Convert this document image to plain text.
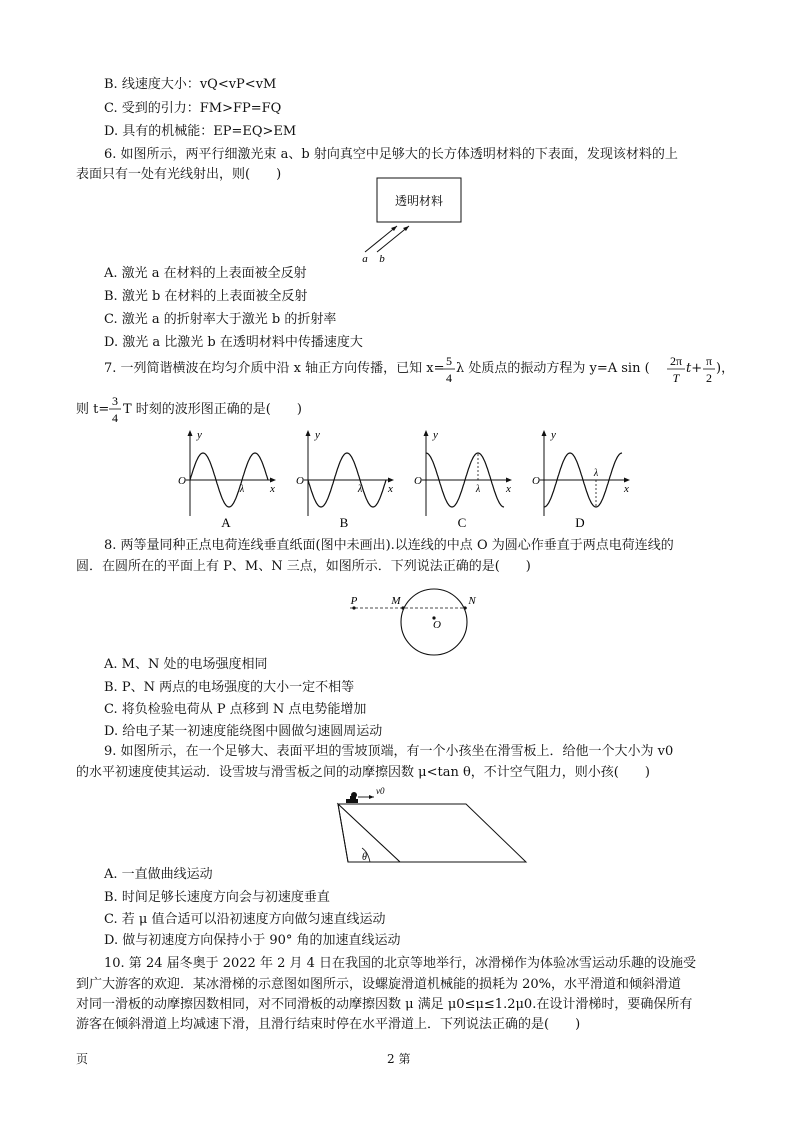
B. 线速度大小：vQ<vP<vM
C. 受到的引力：FM>FP=FQ
D. 具有的机械能：EP=EQ>EM
6. 如图所示，两平行细激光束 a、b 射向真空中足够大的长方体透明材料的下表面，发现该材料的上
表面只有一处有光线射出，则(　　)
透明材料
a b
A. 激光 a 在材料的上表面被全反射
B. 激光 b 在材料的上表面被全反射
C. 激光 a 的折射率大于激光 b 的折射率
D. 激光 a 比激光 b 在透明材料中传播速度大
7. 一列简谐横波在均匀介质中沿 x 轴正方向传播，已知 x= 5
4
λ 处质点的振动方程为 y=A sin ( 2π
T
t+ π
2
)，
则 t=
3
4
T 时刻的波形图正确的是(　　)
λ
O
y
x
A
λ
O
y
x
B
λ
O
y
x
C
λ
O
y
x
D
8. 两等量同种正点电荷连线垂直纸面(图中未画出).以连线的中点 O 为圆心作垂直于两点电荷连线的
圆．在圆所在的平面上有 P、M、N 三点，如图所示．下列说法正确的是(　　)
P	M	N
O
A. M、N 处的电场强度相同
B. P、N 两点的电场强度的大小一定不相等
C. 将负检验电荷从 P 点移到 N 点电势能增加
D. 给电子某一初速度能绕图中圆做匀速圆周运动
9. 如图所示，在一个足够大、表面平坦的雪坡顶端，有一个小孩坐在滑雪板上．给他一个大小为 v0
的水平初速度使其运动．设雪坡与滑雪板之间的动摩擦因数 μ<tan θ，不计空气阻力，则小孩(　　)
θ
v0
A. 一直做曲线运动
B. 时间足够长速度方向会与初速度垂直
C. 若 μ 值合适可以沿初速度方向做匀速直线运动
D. 做与初速度方向保持小于 90° 角的加速直线运动
10. 第 24 届冬奥于 2022 年 2 月 4 日在我国的北京等地举行，冰滑梯作为体验冰雪运动乐趣的设施受
到广大游客的欢迎．某冰滑梯的示意图如图所示，设螺旋滑道机械能的损耗为 20%，水平滑道和倾斜滑道
对同一滑板的动摩擦因数相同，对不同滑板的动摩擦因数 μ 满足 μ0≤μ≤1.2μ0.在设计滑梯时，要确保所有
游客在倾斜滑道上均减速下滑，且滑行结束时停在水平滑道上．下列说法正确的是(　　)
页	2 第
